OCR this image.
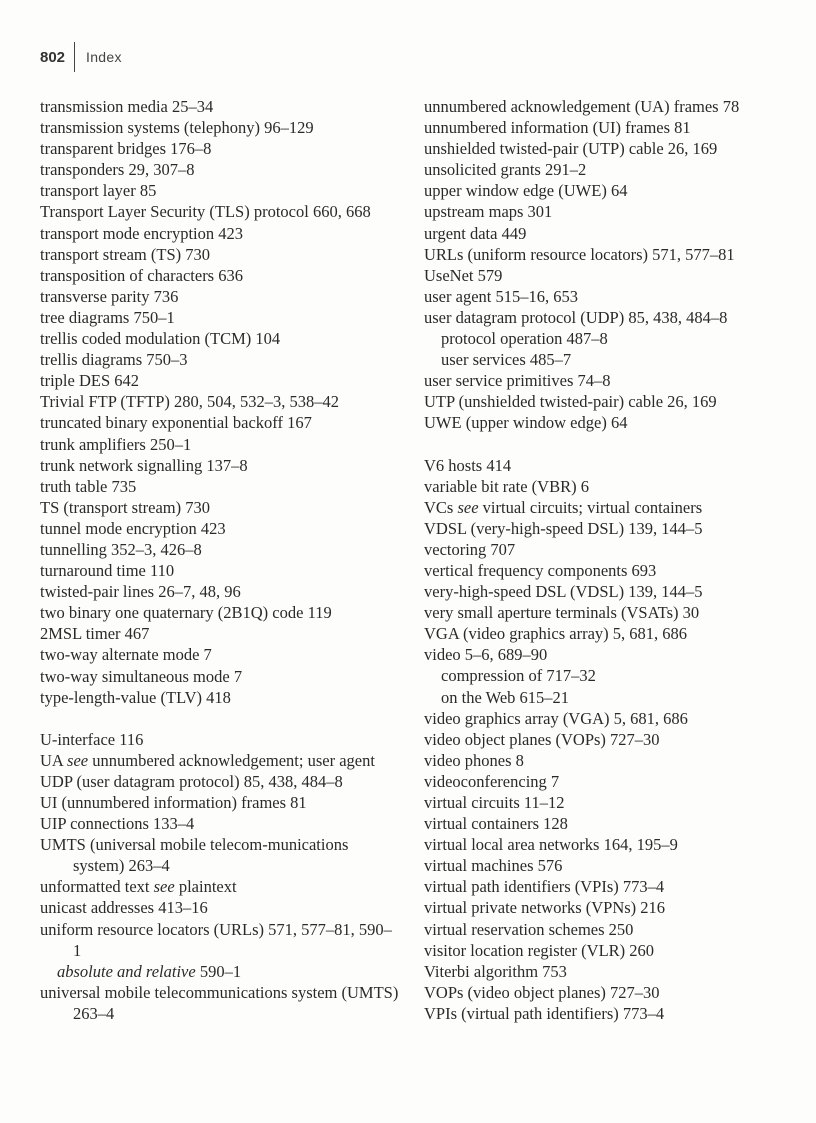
802 Index
transmission media 25–34
transmission systems (telephony) 96–129
transparent bridges 176–8
transponders 29, 307–8
transport layer 85
Transport Layer Security (TLS) protocol 660, 668
transport mode encryption 423
transport stream (TS) 730
transposition of characters 636
transverse parity 736
tree diagrams 750–1
trellis coded modulation (TCM) 104
trellis diagrams 750–3
triple DES 642
Trivial FTP (TFTP) 280, 504, 532–3, 538–42
truncated binary exponential backoff 167
trunk amplifiers 250–1
trunk network signalling 137–8
truth table 735
TS (transport stream) 730
tunnel mode encryption 423
tunnelling 352–3, 426–8
turnaround time 110
twisted-pair lines 26–7, 48, 96
two binary one quaternary (2B1Q) code 119
2MSL timer 467
two-way alternate mode 7
two-way simultaneous mode 7
type-length-value (TLV) 418
U-interface 116
UA see unnumbered acknowledgement; user agent
UDP (user datagram protocol) 85, 438, 484–8
UI (unnumbered information) frames 81
UIP connections 133–4
UMTS (universal mobile telecom-munications system) 263–4
unformatted text see plaintext
unicast addresses 413–16
uniform resource locators (URLs) 571, 577–81, 590–1
absolute and relative 590–1
universal mobile telecommunications system (UMTS) 263–4
unnumbered acknowledgement (UA) frames 78
unnumbered information (UI) frames 81
unshielded twisted-pair (UTP) cable 26, 169
unsolicited grants 291–2
upper window edge (UWE) 64
upstream maps 301
urgent data 449
URLs (uniform resource locators) 571, 577–81
UseNet 579
user agent 515–16, 653
user datagram protocol (UDP) 85, 438, 484–8
protocol operation 487–8
user services 485–7
user service primitives 74–8
UTP (unshielded twisted-pair) cable 26, 169
UWE (upper window edge) 64
V6 hosts 414
variable bit rate (VBR) 6
VCs see virtual circuits; virtual containers
VDSL (very-high-speed DSL) 139, 144–5
vectoring 707
vertical frequency components 693
very-high-speed DSL (VDSL) 139, 144–5
very small aperture terminals (VSATs) 30
VGA (video graphics array) 5, 681, 686
video 5–6, 689–90
compression of 717–32
on the Web 615–21
video graphics array (VGA) 5, 681, 686
video object planes (VOPs) 727–30
video phones 8
videoconferencing 7
virtual circuits 11–12
virtual containers 128
virtual local area networks 164, 195–9
virtual machines 576
virtual path identifiers (VPIs) 773–4
virtual private networks (VPNs) 216
virtual reservation schemes 250
visitor location register (VLR) 260
Viterbi algorithm 753
VOPs (video object planes) 727–30
VPIs (virtual path identifiers) 773–4
